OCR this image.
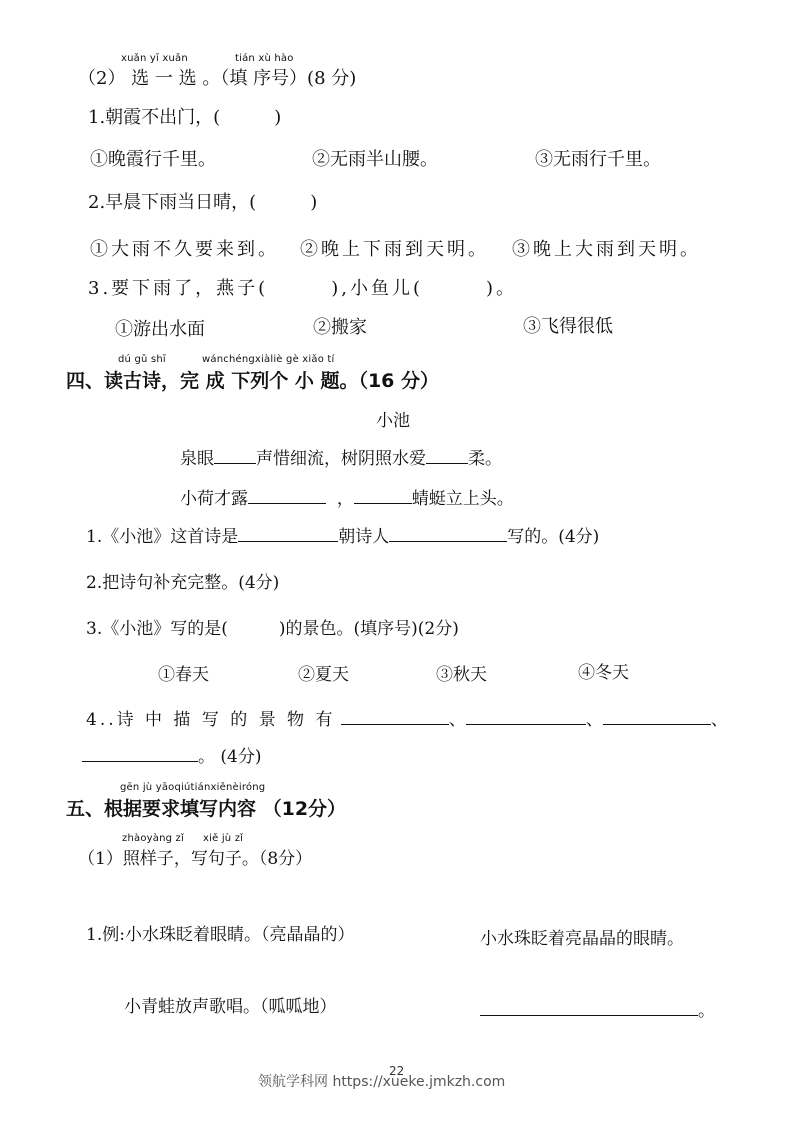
xuǎn yī xuǎn	tián xù hào
（2） 选 一 选 。（填 序号）(8 分)
1.朝霞不出门，(　　　)
①晚霞行千里。	②无雨半山腰。	③无雨行千里。
2.早晨下雨当日晴，(　　　)
①大雨不久要来到。 ②晚上下雨到天明。 ③晚上大雨到天明。
3.要下雨了，燕子(　　　),小鱼儿(　　　)。
①游出水面	②搬家	③飞得很低
dú gǔ shī	wánchéngxiàliè gè xiǎo tí
四、读古诗，完 成 下列个 小 题。（16 分）
小池
泉眼 声惜细流，树阴照水爱 柔。
小荷才露	，	蜻蜓立上头。
1.《小池》这首诗是	朝诗人	写的。(4分)
2.把诗句补充完整。(4分)
3.《小池》写的是(　　　)的景色。(填序号)(2分)
①春天	②夏天	③秋天	④冬天
4..诗 中 描 写 的 景 物 有	、	、	、
。 (4分)
gēn jù yāoqiútiánxiěnèiróng
五、根据要求填写内容 （12分）
zhàoyàng zǐ xiě jù zǐ
（1）照样子，写句子。（8分）
1.例:小水珠眨着眼睛。（亮晶晶的）	小水珠眨着亮晶晶的眼睛。
小青蛙放声歌唱。（呱呱地）	。
22
领航学科网 https://xueke.jmkzh.com
